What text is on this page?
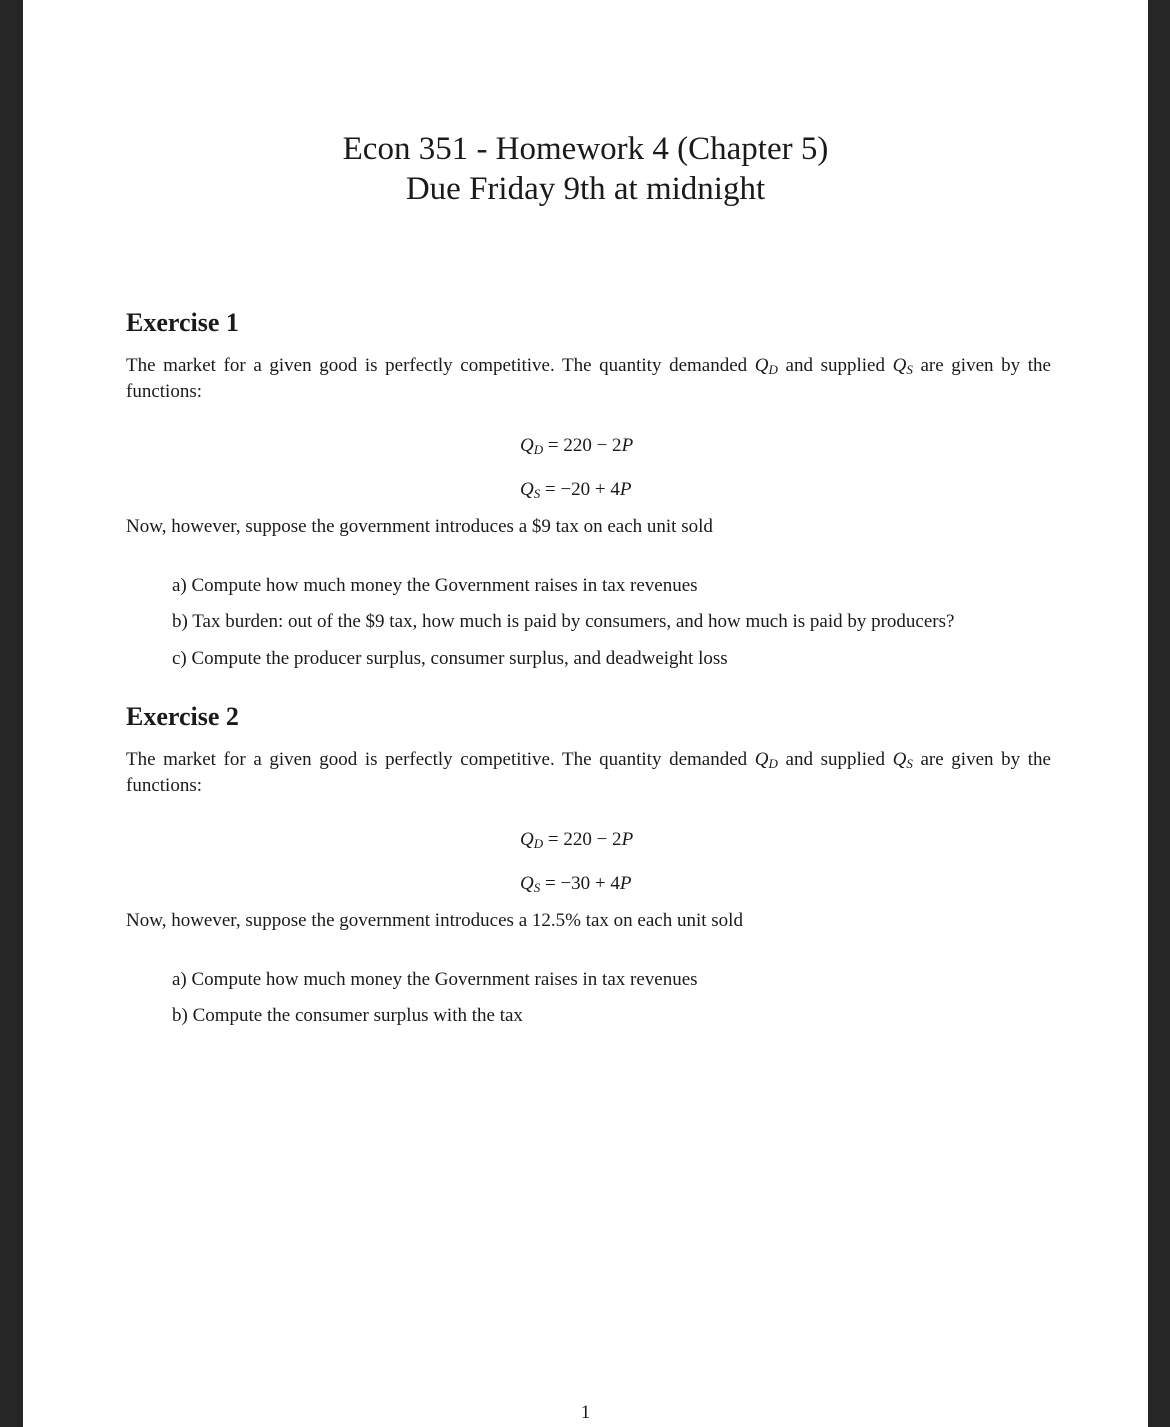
Econ 351 - Homework 4 (Chapter 5)
Due Friday 9th at midnight
Exercise 1
The market for a given good is perfectly competitive. The quantity demanded $Q_D$ and supplied $Q_S$ are given by the functions:
$Q_D = 220 - 2P$
$Q_S = -20 + 4P$
Now, however, suppose the government introduces a $9 tax on each unit sold
a) Compute how much money the Government raises in tax revenues
b) Tax burden: out of the $9 tax, how much is paid by consumers, and how much is paid by producers?
c) Compute the producer surplus, consumer surplus, and deadweight loss
Exercise 2
The market for a given good is perfectly competitive. The quantity demanded $Q_D$ and supplied $Q_S$ are given by the functions:
$Q_D = 220 - 2P$
$Q_S = -30 + 4P$
Now, however, suppose the government introduces a 12.5% tax on each unit sold
a) Compute how much money the Government raises in tax revenues
b) Compute the consumer surplus with the tax
1
